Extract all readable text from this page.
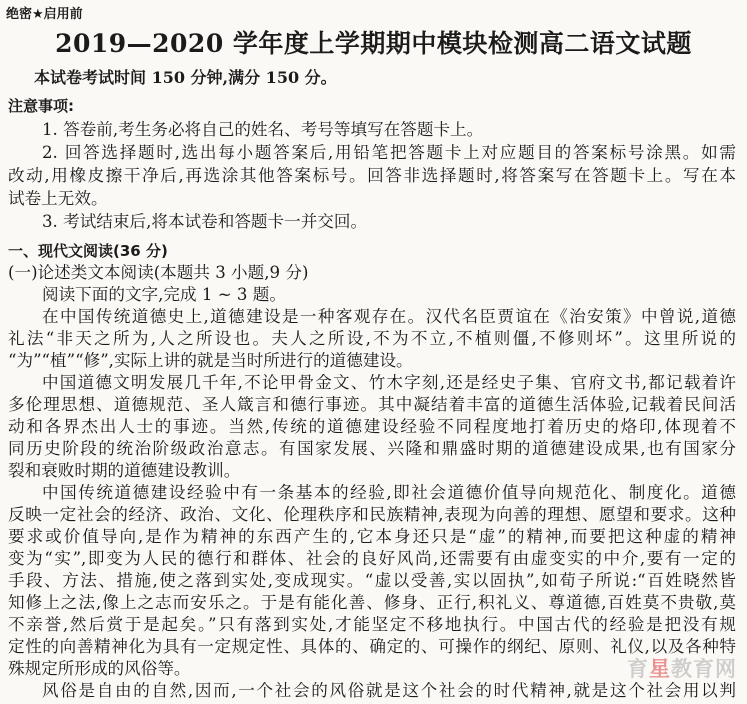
绝密★启用前
2019—2020 学年度上学期期中模块检测高二语文试题
本试卷考试时间 150 分钟,满分 150 分。
注意事项:
1. 答卷前,考生务必将自己的姓名、考号等填写在答题卡上。
2. 回答选择题时,选出每小题答案后,用铅笔把答题卡上对应题目的答案标号涂黑。如需
改动,用橡皮擦干净后,再选涂其他答案标号。回答非选择题时,将答案写在答题卡上。写在本
试卷上无效。
3. 考试结束后,将本试卷和答题卡一并交回。
一、现代文阅读(36 分)
(一)论述类文本阅读(本题共 3 小题,9 分)
阅读下面的文字,完成 1 ~ 3 题。
在中国传统道德史上,道德建设是一种客观存在。汉代名臣贾谊在《治安策》中曾说,道德
礼法“非天之所为,人之所设也。夫人之所设,不为不立,不植则僵,不修则坏”。这里所说的
“为”“植”“修”,实际上讲的就是当时所进行的道德建设。
中国道德文明发展几千年,不论甲骨金文、竹木字刻,还是经史子集、官府文书,都记载着许
多伦理思想、道德规范、圣人箴言和德行事迹。其中凝结着丰富的道德生活体验,记载着民间活
动和各界杰出人士的事迹。当然,传统的道德建设经验不同程度地打着历史的烙印,体现着不
同历史阶段的统治阶级政治意志。有国家发展、兴隆和鼎盛时期的道德建设成果,也有国家分
裂和衰败时期的道德建设教训。
中国传统道德建设经验中有一条基本的经验,即社会道德价值导向规范化、制度化。道德
反映一定社会的经济、政治、文化、伦理秩序和民族精神,表现为向善的理想、愿望和要求。这种
要求或价值导向,是作为精神的东西产生的,它本身还只是“虚”的精神,而要把这种虚的精神
变为“实”,即变为人民的德行和群体、社会的良好风尚,还需要有由虚变实的中介,要有一定的
手段、方法、措施,使之落到实处,变成现实。“虚以受善,实以固执”,如荀子所说:“百姓晓然皆
知修上之法,像上之志而安乐之。于是有能化善、修身、正行,积礼义、尊道德,百姓莫不贵敬,莫
不亲誉,然后赏于是起矣。”只有落到实处,才能坚定不移地执行。中国古代的经验是把没有规
定性的向善精神化为具有一定规定性、具体的、确定的、可操作的纲纪、原则、礼仪,以及各种特
殊规定所形成的风俗等。
风俗是自由的自然,因而,一个社会的风俗就是这个社会的时代精神,就是这个社会用以判
育星教育网
